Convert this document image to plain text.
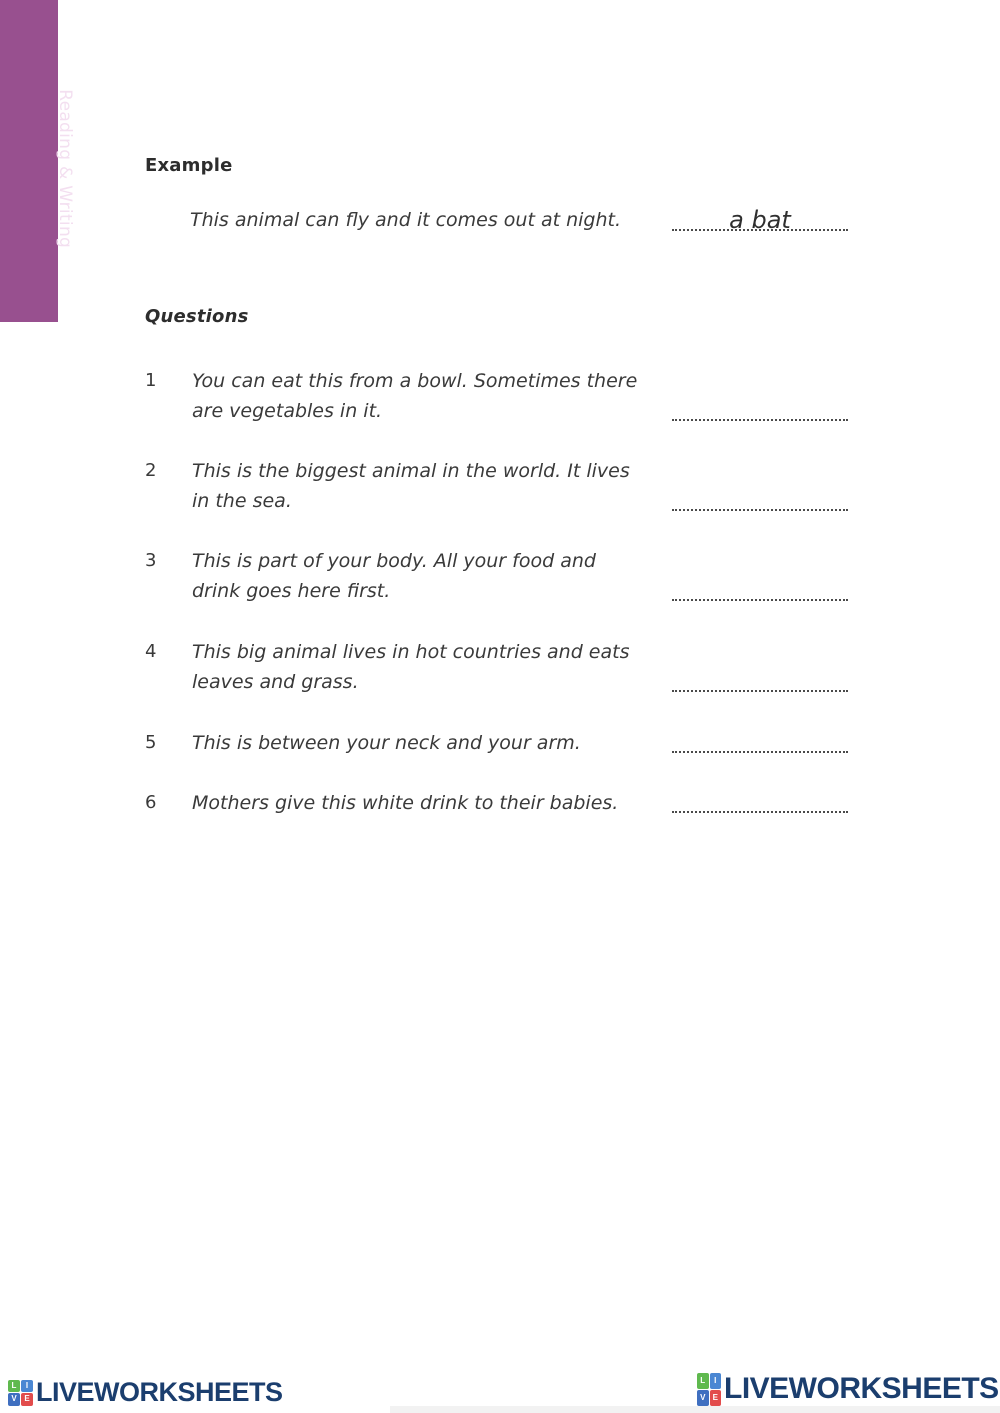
Movers Reading & Writing	Example
This animal can fly and it comes out at night.	a bat
Questions
1	You can eat this from a bowl. Sometimes there
are vegetables in it.
2	This is the biggest animal in the world. It lives
in the sea.
3	This is part of your body. All your food and
drink goes here first.
4	This big animal lives in hot countries and eats
leaves and grass.
5	This is between your neck and your arm.
6	Mothers give this white drink to their babies.
L	I
V E LIVEWORKSHEETS	L	I
V E LIVEWORKSHEETS
